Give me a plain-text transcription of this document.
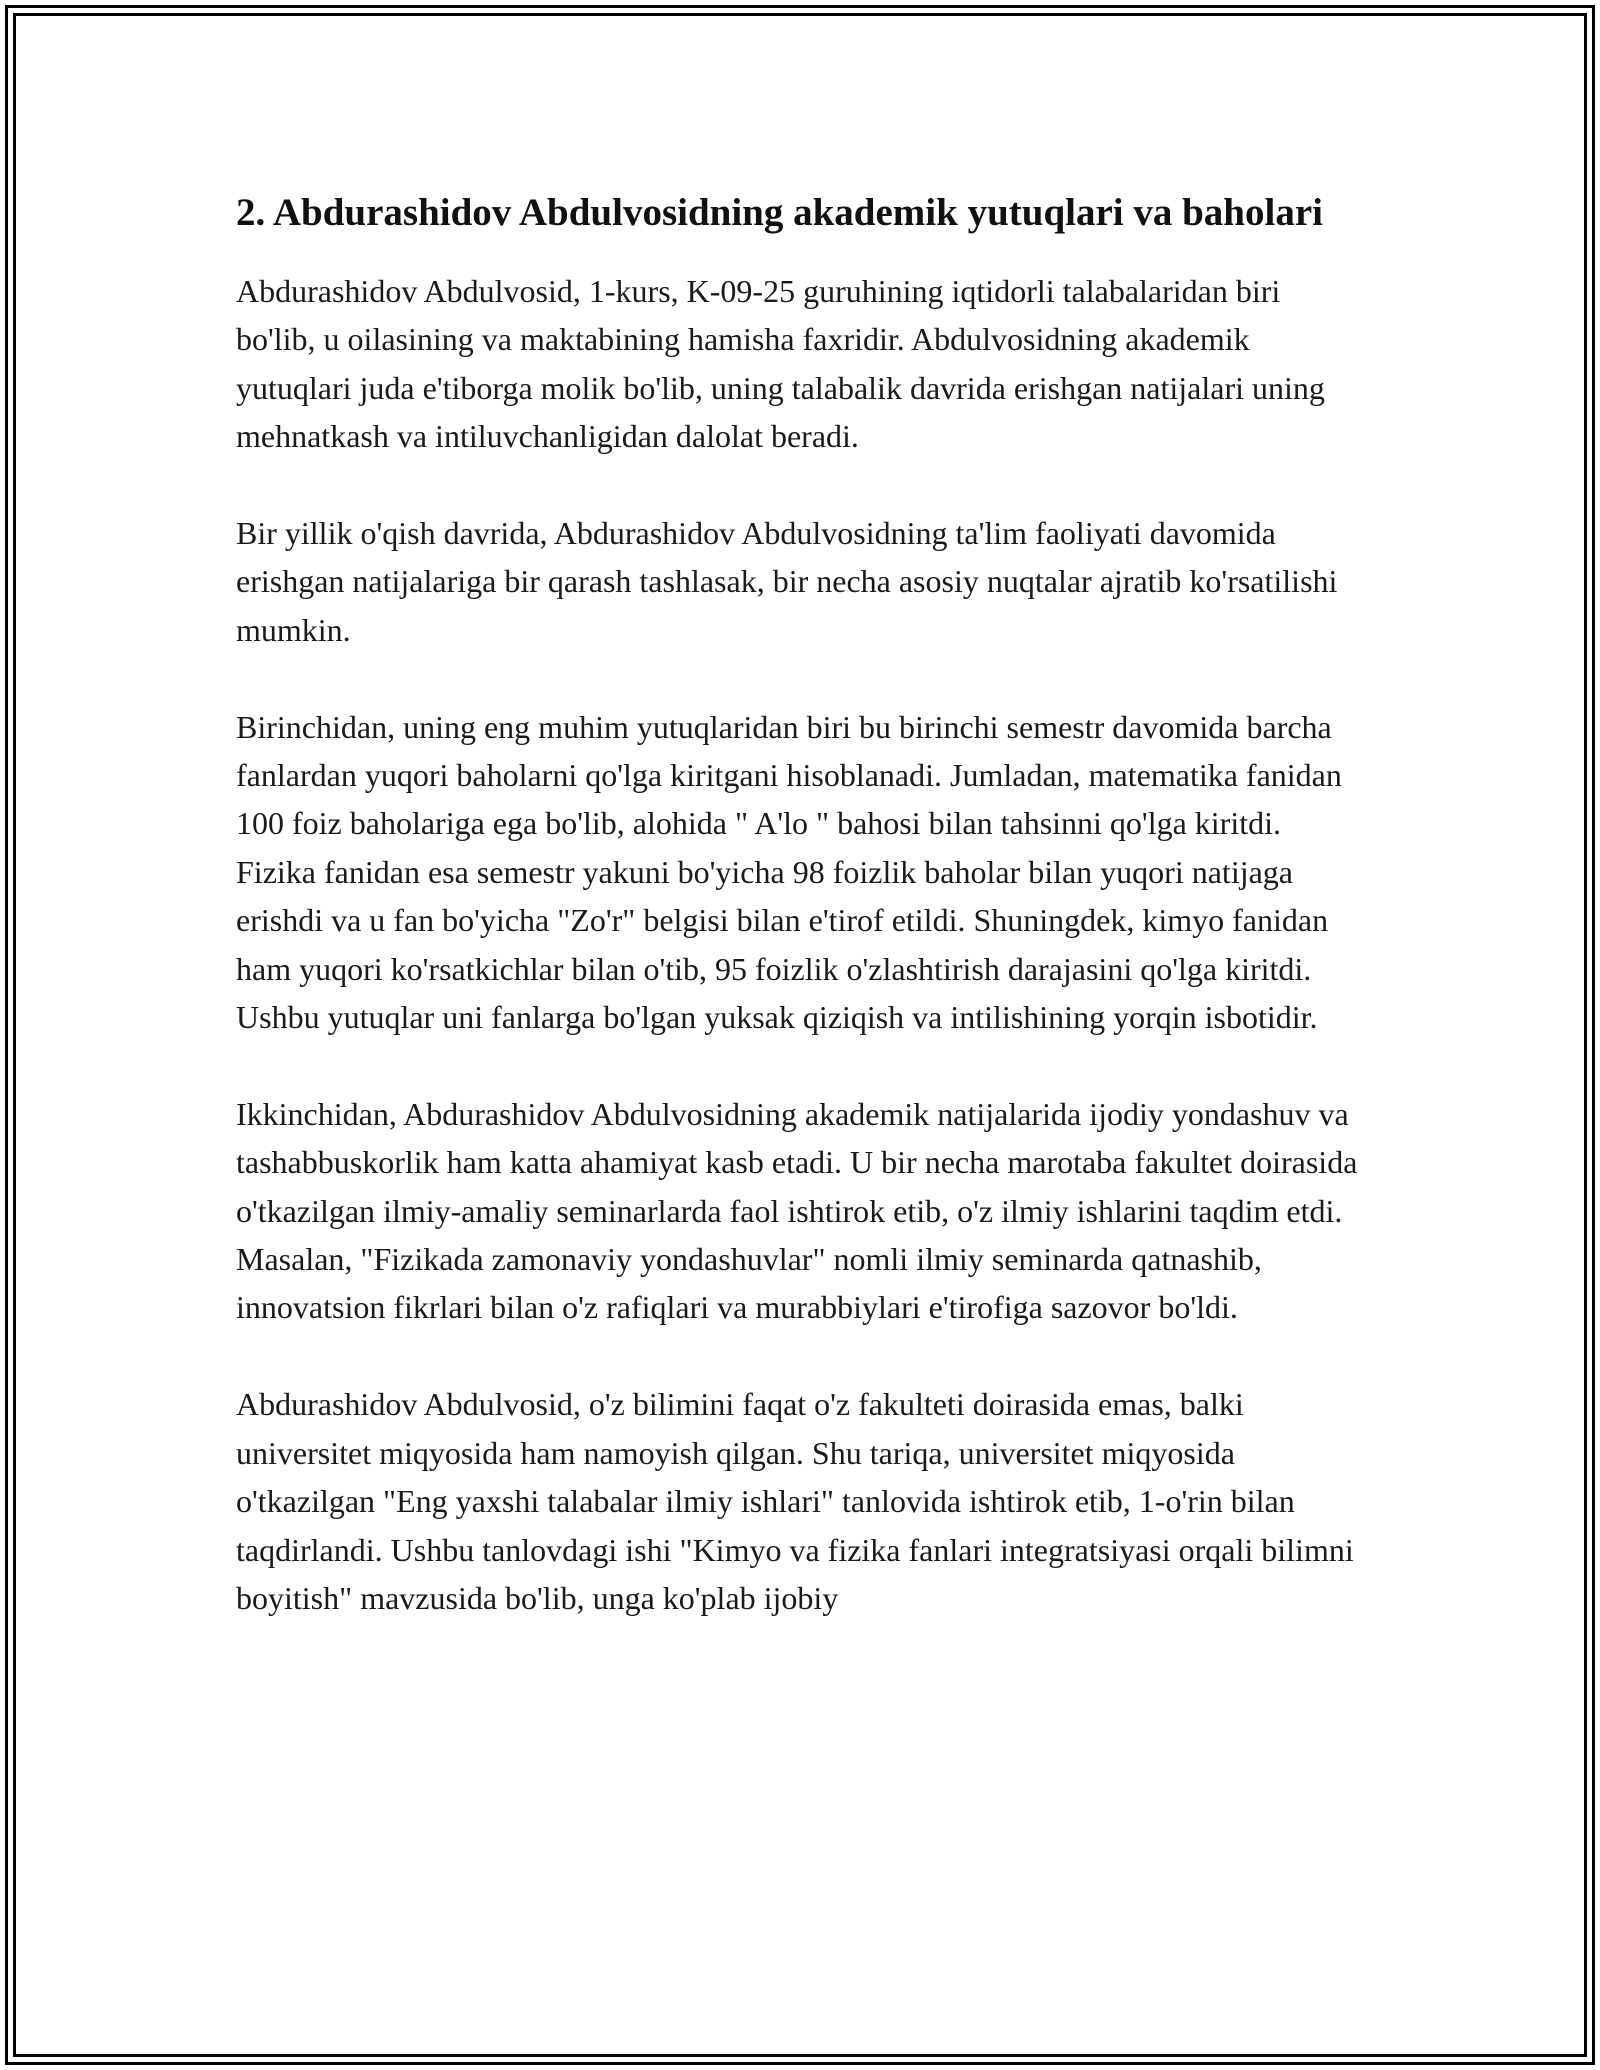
2. Abdurashidov Abdulvosidning akademik yutuqlari va baholari

Abdurashidov Abdulvosid, 1-kurs, K-09-25 guruhining iqtidorli talabalaridan biri bo'lib, u oilasining va maktabining hamisha faxridir. Abdulvosidning akademik yutuqlari juda e'tiborga molik bo'lib, uning talabalik davrida erishgan natijalari uning mehnatkash va intiluvchanligidan dalolat beradi.

Bir yillik o'qish davrida, Abdurashidov Abdulvosidning ta'lim faoliyati davomida erishgan natijalariga bir qarash tashlasak, bir necha asosiy nuqtalar ajratib ko'rsatilishi mumkin.

Birinchidan, uning eng muhim yutuqlaridan biri bu birinchi semestr davomida barcha fanlardan yuqori baholarni qo'lga kiritgani hisoblanadi. Jumladan, matematika fanidan 100 foiz baholariga ega bo'lib, alohida " A'lo " bahosi bilan tahsinni qo'lga kiritdi. Fizika fanidan esa semestr yakuni bo'yicha 98 foizlik baholar bilan yuqori natijaga erishdi va u fan bo'yicha "Zo'r" belgisi bilan e'tirof etildi. Shuningdek, kimyo fanidan ham yuqori ko'rsatkichlar bilan o'tib, 95 foizlik o'zlashtirish darajasini qo'lga kiritdi. Ushbu yutuqlar uni fanlarga bo'lgan yuksak qiziqish va intilishining yorqin isbotidir.

Ikkinchidan, Abdurashidov Abdulvosidning akademik natijalarida ijodiy yondashuv va tashabbuskorlik ham katta ahamiyat kasb etadi. U bir necha marotaba fakultet doirasida o'tkazilgan ilmiy-amaliy seminarlarda faol ishtirok etib, o'z ilmiy ishlarini taqdim etdi. Masalan, "Fizikada zamonaviy yondashuvlar" nomli ilmiy seminarda qatnashib, innovatsion fikrlari bilan o'z rafiqlari va murabbiylari e'tirofiga sazovor bo'ldi.

Abdurashidov Abdulvosid, o'z bilimini faqat o'z fakulteti doirasida emas, balki universitet miqyosida ham namoyish qilgan. Shu tariqa, universitet miqyosida o'tkazilgan "Eng yaxshi talabalar ilmiy ishlari" tanlovida ishtirok etib, 1-o'rin bilan taqdirlandi. Ushbu tanlovdagi ishi "Kimyo va fizika fanlari integratsiyasi orqali bilimni boyitish" mavzusida bo'lib, unga ko'plab ijobiy
